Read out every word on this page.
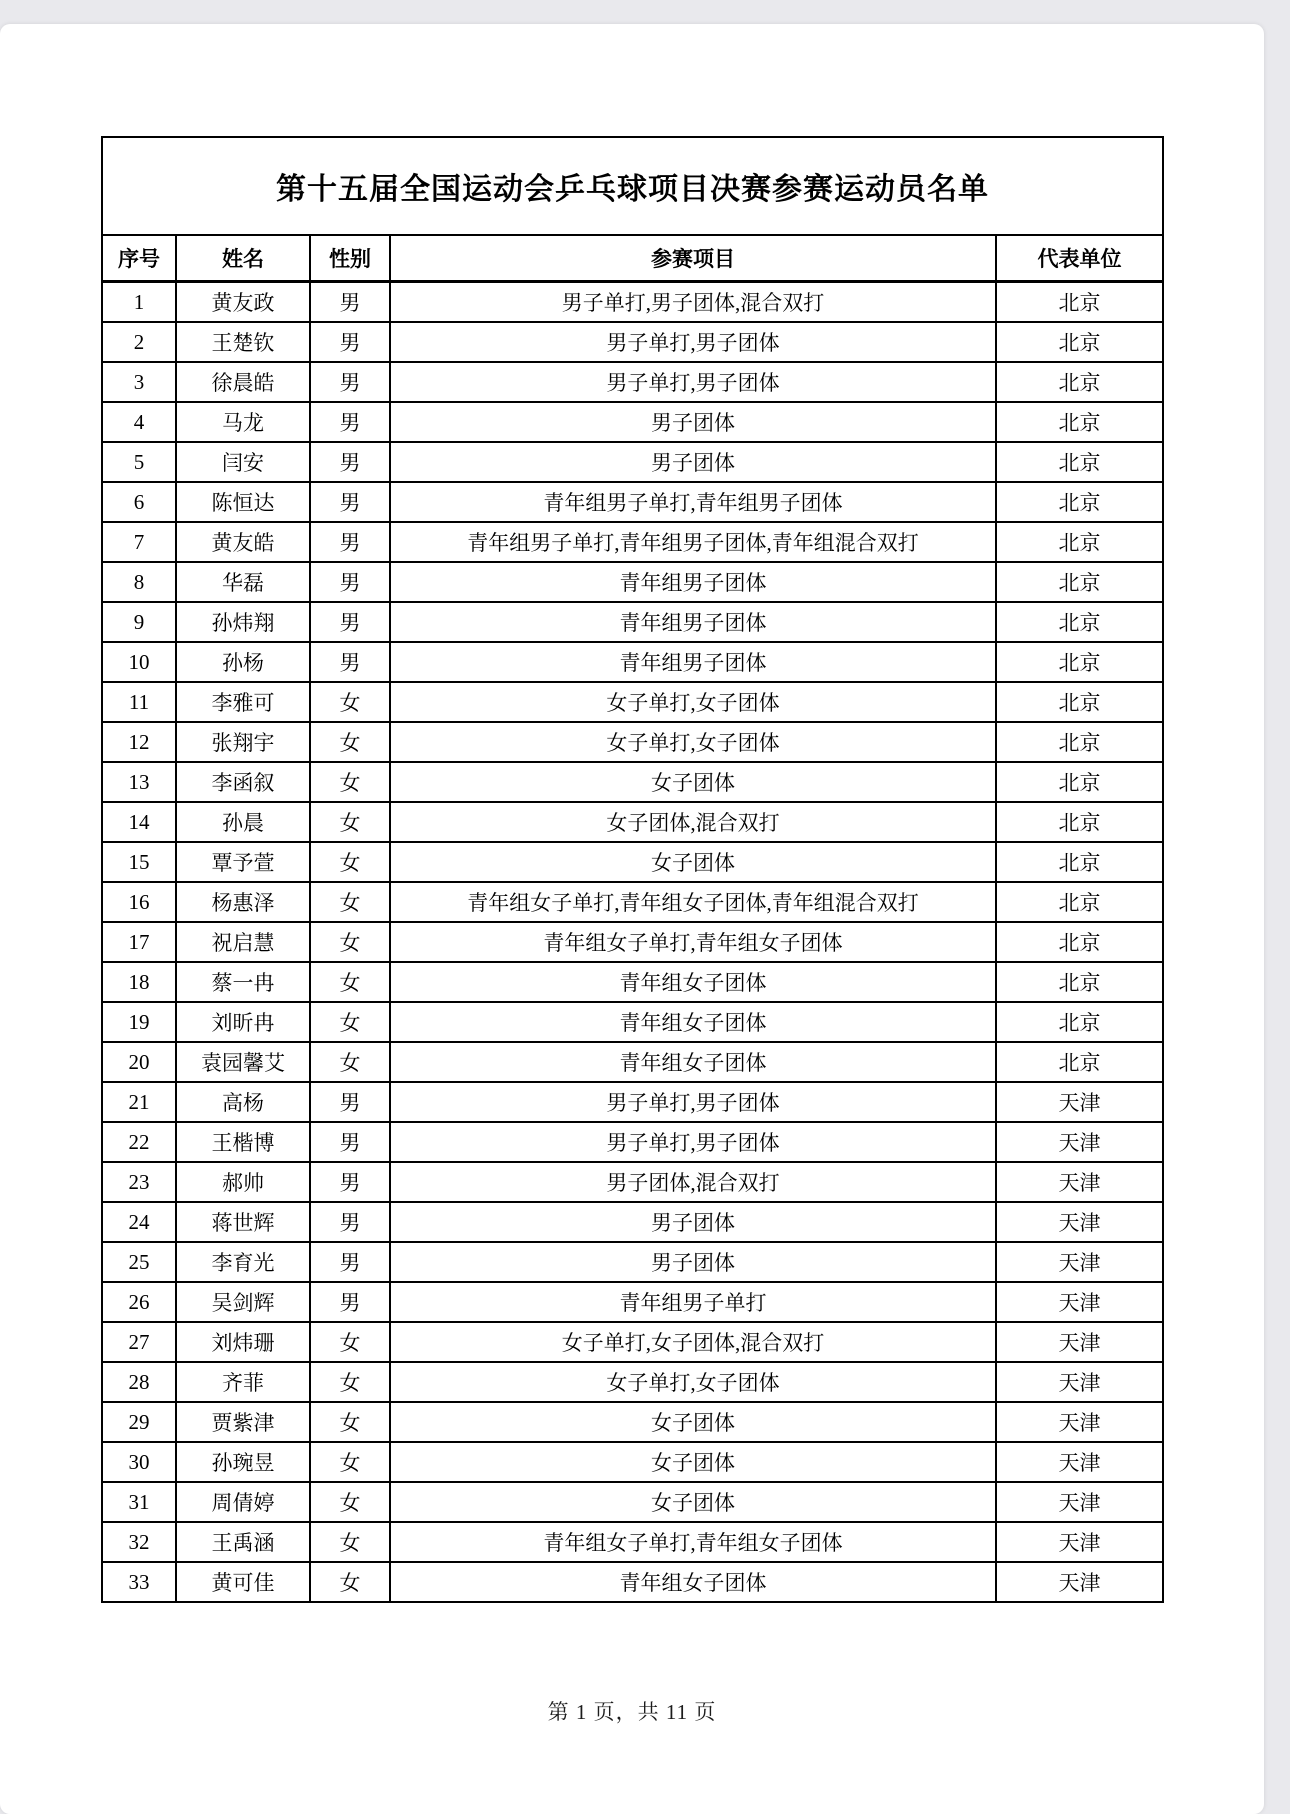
第十五届全国运动会乒乓球项目决赛参赛运动员名单				
序号	姓名	性别	参赛项目	代表单位
1	黄友政	男	男子单打,男子团体,混合双打	北京
2	王楚钦	男	男子单打,男子团体	北京
3	徐晨皓	男	男子单打,男子团体	北京
4	马龙	男	男子团体	北京
5	闫安	男	男子团体	北京
6	陈恒达	男	青年组男子单打,青年组男子团体	北京
7	黄友皓	男	青年组男子单打,青年组男子团体,青年组混合双打	北京
8	华磊	男	青年组男子团体	北京
9	孙炜翔	男	青年组男子团体	北京
10	孙杨	男	青年组男子团体	北京
11	李雅可	女	女子单打,女子团体	北京
12	张翔宇	女	女子单打,女子团体	北京
13	李函叙	女	女子团体	北京
14	孙晨	女	女子团体,混合双打	北京
15	覃予萱	女	女子团体	北京
16	杨惠泽	女	青年组女子单打,青年组女子团体,青年组混合双打	北京
17	祝启慧	女	青年组女子单打,青年组女子团体	北京
18	蔡一冉	女	青年组女子团体	北京
19	刘昕冉	女	青年组女子团体	北京
20	袁园馨艾	女	青年组女子团体	北京
21	高杨	男	男子单打,男子团体	天津
22	王楷博	男	男子单打,男子团体	天津
23	郝帅	男	男子团体,混合双打	天津
24	蒋世辉	男	男子团体	天津
25	李育光	男	男子团体	天津
26	吴剑辉	男	青年组男子单打	天津
27	刘炜珊	女	女子单打,女子团体,混合双打	天津
28	齐菲	女	女子单打,女子团体	天津
29	贾紫津	女	女子团体	天津
30	孙琬昱	女	女子团体	天津
31	周倩婷	女	女子团体	天津
32	王禹涵	女	青年组女子单打,青年组女子团体	天津
33	黄可佳	女	青年组女子团体	天津
第 1 页，共 11 页
